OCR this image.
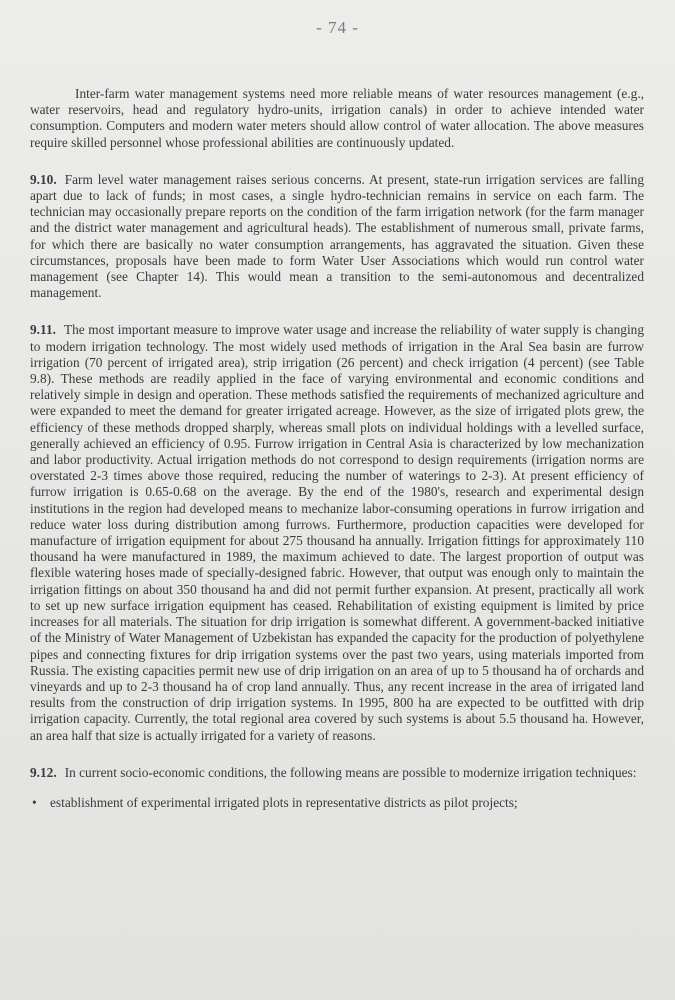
- 74 -

Inter-farm water management systems need more reliable means of water resources management (e.g., water reservoirs, head and regulatory hydro-units, irrigation canals) in order to achieve intended water consumption. Computers and modern water meters should allow control of water allocation. The above measures require skilled personnel whose professional abilities are continuously updated.

9.10. Farm level water management raises serious concerns. At present, state-run irrigation services are falling apart due to lack of funds; in most cases, a single hydro-technician remains in service on each farm. The technician may occasionally prepare reports on the condition of the farm irrigation network (for the farm manager and the district water management and agricultural heads). The establishment of numerous small, private farms, for which there are basically no water consumption arrangements, has aggravated the situation. Given these circumstances, proposals have been made to form Water User Associations which would run control water management (see Chapter 14). This would mean a transition to the semi-autonomous and decentralized management.

9.11. The most important measure to improve water usage and increase the reliability of water supply is changing to modern irrigation technology. The most widely used methods of irrigation in the Aral Sea basin are furrow irrigation (70 percent of irrigated area), strip irrigation (26 percent) and check irrigation (4 percent) (see Table 9.8). These methods are readily applied in the face of varying environmental and economic conditions and relatively simple in design and operation. These methods satisfied the requirements of mechanized agriculture and were expanded to meet the demand for greater irrigated acreage. However, as the size of irrigated plots grew, the efficiency of these methods dropped sharply, whereas small plots on individual holdings with a levelled surface, generally achieved an efficiency of 0.95. Furrow irrigation in Central Asia is characterized by low mechanization and labor productivity. Actual irrigation methods do not correspond to design requirements (irrigation norms are overstated 2-3 times above those required, reducing the number of waterings to 2-3). At present efficiency of furrow irrigation is 0.65-0.68 on the average. By the end of the 1980's, research and experimental design institutions in the region had developed means to mechanize labor-consuming operations in furrow irrigation and reduce water loss during distribution among furrows. Furthermore, production capacities were developed for manufacture of irrigation equipment for about 275 thousand ha annually. Irrigation fittings for approximately 110 thousand ha were manufactured in 1989, the maximum achieved to date. The largest proportion of output was flexible watering hoses made of specially-designed fabric. However, that output was enough only to maintain the irrigation fittings on about 350 thousand ha and did not permit further expansion. At present, practically all work to set up new surface irrigation equipment has ceased. Rehabilitation of existing equipment is limited by price increases for all materials. The situation for drip irrigation is somewhat different. A government-backed initiative of the Ministry of Water Management of Uzbekistan has expanded the capacity for the production of polyethylene pipes and connecting fixtures for drip irrigation systems over the past two years, using materials imported from Russia. The existing capacities permit new use of drip irrigation on an area of up to 5 thousand ha of orchards and vineyards and up to 2-3 thousand ha of crop land annually. Thus, any recent increase in the area of irrigated land results from the construction of drip irrigation systems. In 1995, 800 ha are expected to be outfitted with drip irrigation capacity. Currently, the total regional area covered by such systems is about 5.5 thousand ha. However, an area half that size is actually irrigated for a variety of reasons.

9.12. In current socio-economic conditions, the following means are possible to modernize irrigation techniques:

• establishment of experimental irrigated plots in representative districts as pilot projects;
